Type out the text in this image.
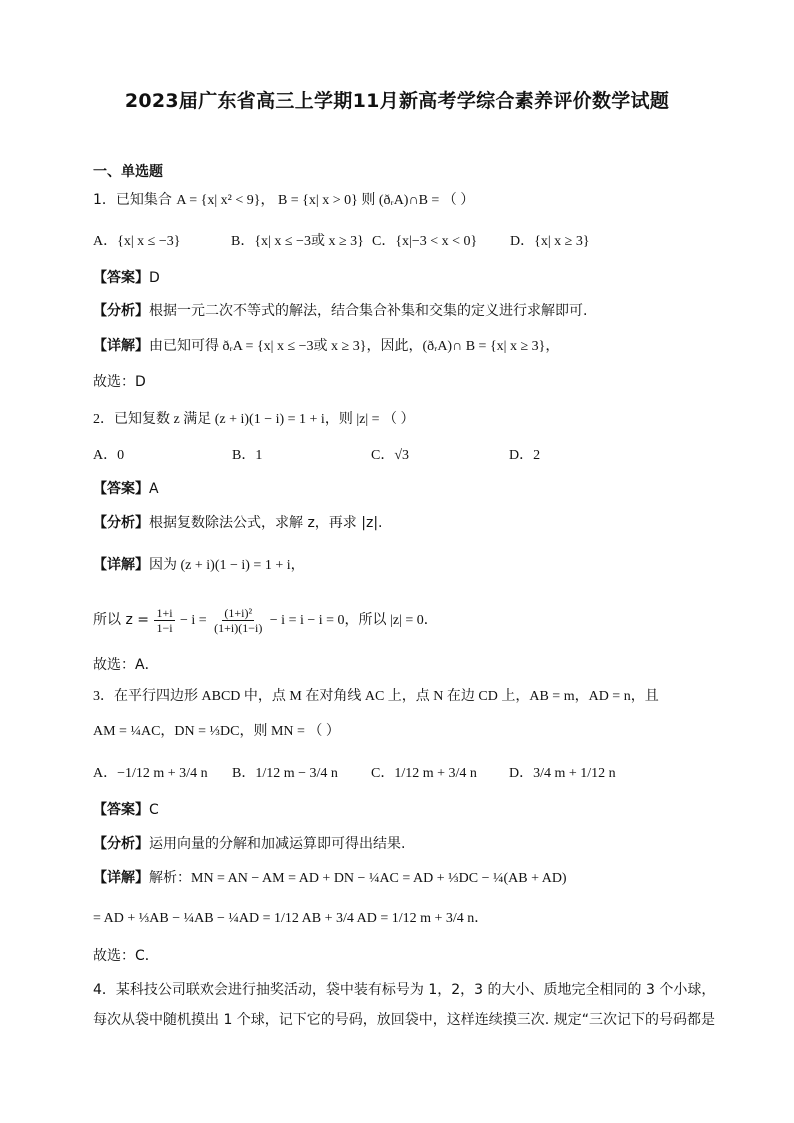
2023届广东省高三上学期11月新高考学综合素养评价数学试题
一、单选题
1．已知集合 A = {x| x² < 9}， B = {x| x > 0} 则 (ðᵣA)∩B = （ ）
A．{x| x ≤ −3}	B．{x| x ≤ −3或 x ≥ 3} C．{x|−3 < x < 0}	D．{x| x ≥ 3}
【答案】D
【分析】根据一元二次不等式的解法，结合集合补集和交集的定义进行求解即可.
【详解】由已知可得 ðᵣA = {x| x ≤ −3或 x ≥ 3}，因此，(ðᵣA)∩ B = {x| x ≥ 3}，
故选：D
2．已知复数 z 满足 (z + i)(1 − i) = 1 + i，则 |z| = （ ）
A．0	B．1	C．√3	D．2
【答案】A
【分析】根据复数除法公式，求解 z，再求 |z|.
【详解】因为 (z + i)(1 − i) = 1 + i，
所以 $z = \frac{1+i}{1-i} - i = \frac{\text{(1+i)²}}{(1+i)(1-i)} - i = i - i = 0$，所以 |z| = 0．
故选：A．
3．在平行四边形 ABCD 中，点 M 在对角线 AC 上，点 N 在边 CD 上，AB = m，AD = n，且
AM = ¼AC，DN = ⅓DC，则 MN = （ ）
A．−1/12 m + 3/4 n	B．1/12 m − 3/4 n	C．1/12 m + 3/4 n	D．3/4 m + 1/12 n
【答案】C
【分析】运用向量的分解和加减运算即可得出结果.
【详解】解析：MN = AN − AM = AD + DN − ¼AC = AD + ⅓DC − ¼(AB + AD)
= AD + ⅓AB − ¼AB − ¼AD = 1/12 AB + 3/4 AD = 1/12 m + 3/4 n．
故选：C．
4．某科技公司联欢会进行抽奖活动，袋中装有标号为 1，2，3 的大小、质地完全相同的 3 个小球，
每次从袋中随机摸出 1 个球，记下它的号码，放回袋中，这样连续摸三次. 规定“三次记下的号码都是
